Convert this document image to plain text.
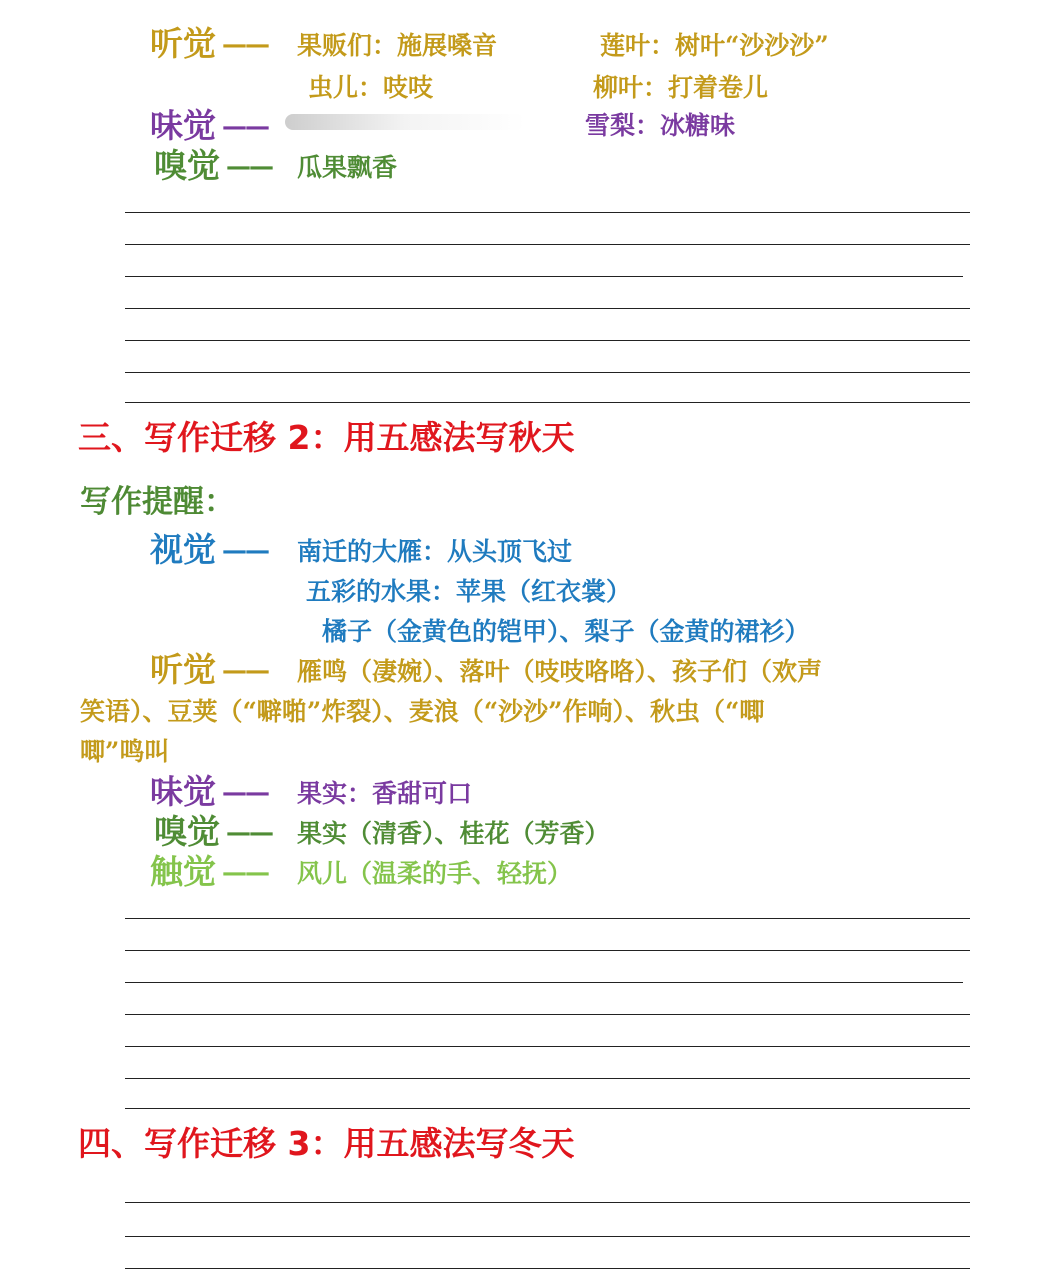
听觉 —— 果贩们：施展嗓音	莲叶：树叶“沙沙沙”
虫儿：吱吱	柳叶：打着卷儿
味觉 ——	雪梨：冰糖味
嗅觉 —— 瓜果飘香
三、写作迁移 2：用五感法写秋天
写作提醒：
视觉 —— 南迁的大雁：从头顶飞过
五彩的水果：苹果（红衣裳）
橘子（金黄色的铠甲）、梨子（金黄的裙衫）
听觉 —— 雁鸣（凄婉）、落叶（吱吱咯咯）、孩子们（欢声
笑语）、豆荚（“噼啪”炸裂）、麦浪（“沙沙”作响）、秋虫（“唧
唧”鸣叫
味觉 —— 果实：香甜可口
嗅觉 —— 果实（清香）、桂花（芳香）
触觉 —— 风儿（温柔的手、轻抚）
四、写作迁移 3：用五感法写冬天
